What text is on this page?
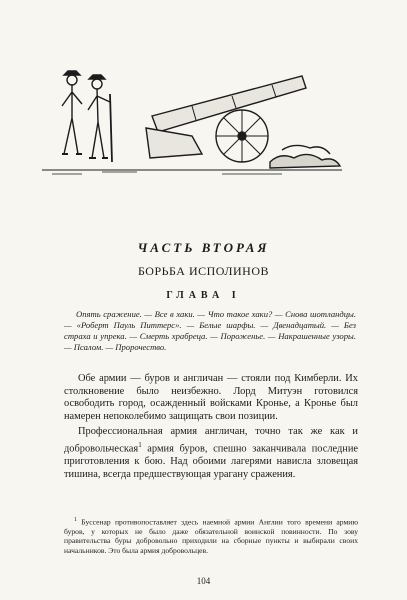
ЧАСТЬ ВТОРАЯ
БОРЬБА ИСПОЛИНОВ
ГЛАВА I
Опять сражение. — Все в хаки. — Что такое хаки? — Снова шотландцы. — «Роберт Пауль Питтерс». — Белые шарфы. — Двенадцатый. — Без страха и упрека. — Смерть храбреца. — Пороженье. — Накрашенные узоры. — Псалом. — Пророчество.

Обе армии — буров и англичан — стояли под Кимберли. Их столкновение было неизбежно. Лорд Митуэн готовился освободить город, осажденный войсками Кронье, а Кронье был намерен непоколебимо защищать свои позиции.

Профессиональная армия англичан, точно так же как и добровольческая$^1$ армия буров, спешно заканчивала последние приготовления к бою. Над обоими лагерями нависла зловещая тишина, всегда предшествующая урагану сражения.

$^1$ Буссенар противопоставляет здесь наемной армии Англии того времени армию буров, у которых не было даже обязательной воинской повинности. По зову правительства буры добровольно приходили на сборные пункты и выбирали своих начальников. Это была армия добровольцев.
104
